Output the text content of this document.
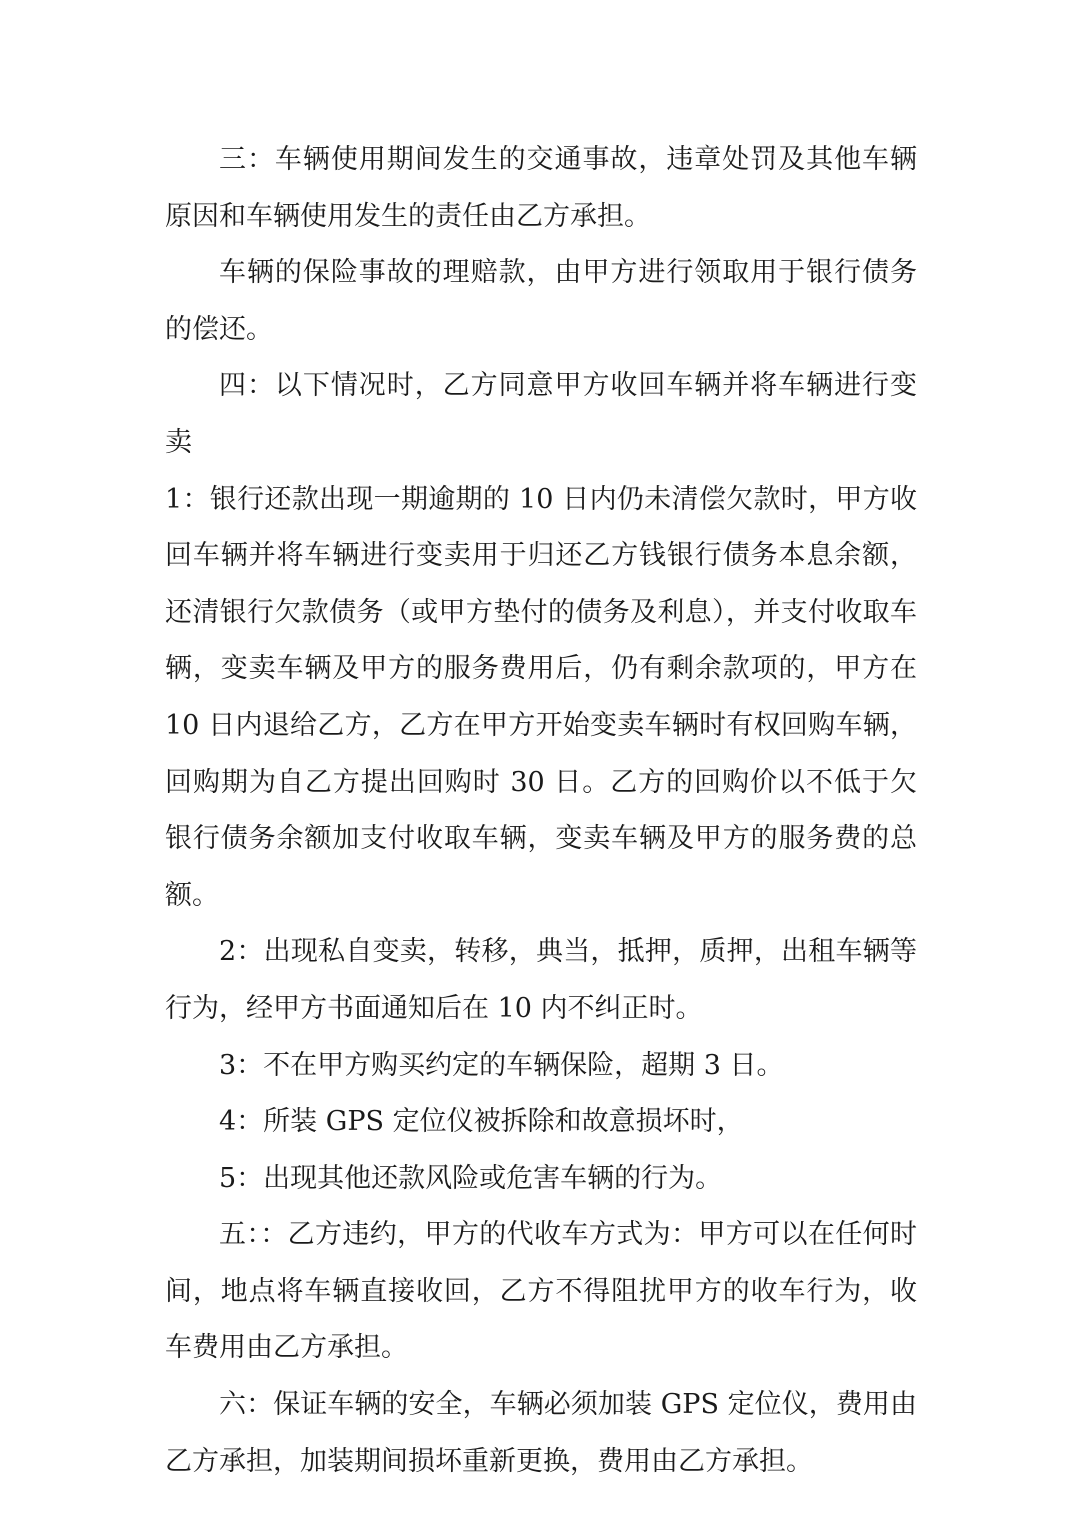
三：车辆使用期间发生的交通事故，违章处罚及其他车辆原因和车辆使用发生的责任由乙方承担。

车辆的保险事故的理赔款，由甲方进行领取用于银行债务的偿还。

四：以下情况时，乙方同意甲方收回车辆并将车辆进行变卖

1：银行还款出现一期逾期的 10 日内仍未清偿欠款时，甲方收回车辆并将车辆进行变卖用于归还乙方钱银行债务本息余额，还清银行欠款债务（或甲方垫付的债务及利息），并支付收取车辆，变卖车辆及甲方的服务费用后，仍有剩余款项的，甲方在 10 日内退给乙方，乙方在甲方开始变卖车辆时有权回购车辆，回购期为自乙方提出回购时 30 日。乙方的回购价以不低于欠银行债务余额加支付收取车辆，变卖车辆及甲方的服务费的总额。

2：出现私自变卖，转移，典当，抵押，质押，出租车辆等行为，经甲方书面通知后在 10 内不纠正时。

3：不在甲方购买约定的车辆保险，超期 3 日。

4：所装 GPS 定位仪被拆除和故意损坏时，

5：出现其他还款风险或危害车辆的行为。

五：：乙方违约，甲方的代收车方式为：甲方可以在任何时间，地点将车辆直接收回，乙方不得阻扰甲方的收车行为，收车费用由乙方承担。

六：保证车辆的安全，车辆必须加装 GPS 定位仪，费用由乙方承担，加装期间损坏重新更换，费用由乙方承担。
